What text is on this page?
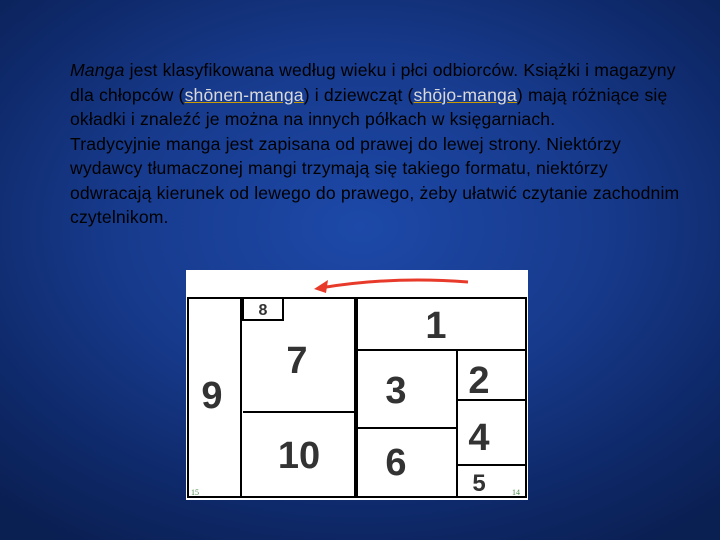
Manga jest klasyfikowana według wieku i płci odbiorców. Książki i magazyny dla chłopców (shōnen-manga) i dziewcząt (shōjo-manga) mają różniące się okładki i znaleźć je można na innych półkach w księgarniach.

Tradycyjnie manga jest zapisana od prawej do lewej strony. Niektórzy wydawcy tłumaczonej mangi trzymają się takiego formatu, niektórzy odwracają kierunek od lewego do prawego, żeby ułatwić czytanie zachodnim czytelnikom.

8
9
7
10
1
3
6
2
4
5
15	14
